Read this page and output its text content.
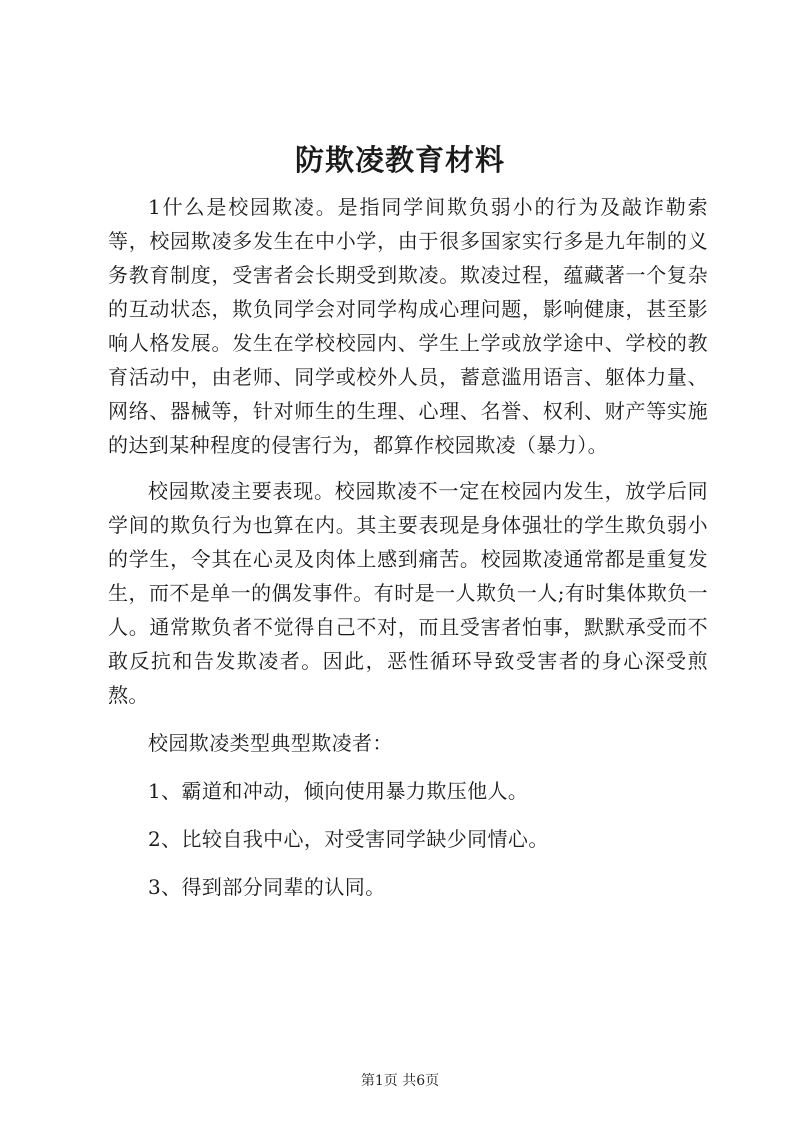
防欺凌教育材料

1什么是校园欺凌。是指同学间欺负弱小的行为及敲诈勒索等，校园欺凌多发生在中小学，由于很多国家实行多是九年制的义务教育制度，受害者会长期受到欺凌。欺凌过程，蕴藏著一个复杂的互动状态，欺负同学会对同学构成心理问题，影响健康，甚至影响人格发展。发生在学校校园内、学生上学或放学途中、学校的教育活动中，由老师、同学或校外人员，蓄意滥用语言、躯体力量、网络、器械等，针对师生的生理、心理、名誉、权利、财产等实施的达到某种程度的侵害行为，都算作校园欺凌（暴力）。

校园欺凌主要表现。校园欺凌不一定在校园内发生，放学后同学间的欺负行为也算在内。其主要表现是身体强壮的学生欺负弱小的学生，令其在心灵及肉体上感到痛苦。校园欺凌通常都是重复发生，而不是单一的偶发事件。有时是一人欺负一人;有时集体欺负一人。通常欺负者不觉得自己不对，而且受害者怕事，默默承受而不敢反抗和告发欺凌者。因此，恶性循环导致受害者的身心深受煎熬。

校园欺凌类型典型欺凌者：

1、霸道和冲动，倾向使用暴力欺压他人。

2、比较自我中心，对受害同学缺少同情心。

3、得到部分同辈的认同。

第1页 共6页
